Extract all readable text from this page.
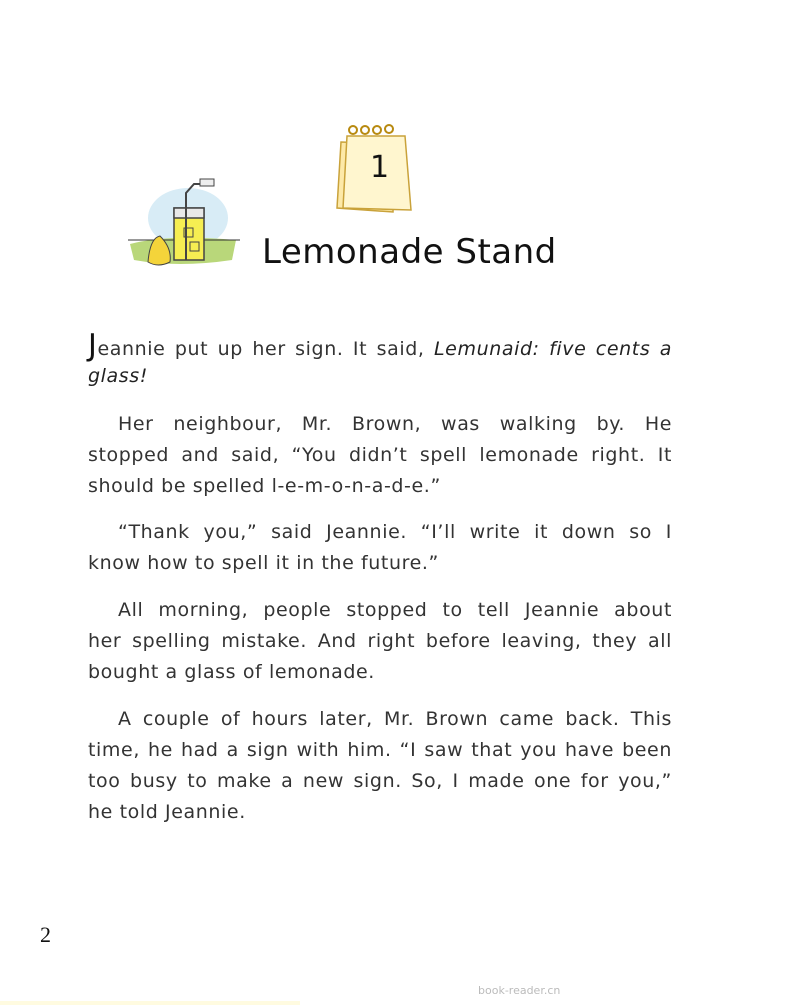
1
Lemonade Stand
Jeannie put up her sign. It said, Lemunaid: five cents a
glass!
Her neighbour, Mr. Brown, was walking by. He
stopped and said, “You didn’t spell lemonade right. It
should be spelled l-e-m-o-n-a-d-e.”
“Thank you,” said Jeannie. “I’ll write it down so I
know how to spell it in the future.”
All morning, people stopped to tell Jeannie about
her spelling mistake. And right before leaving, they all
bought a glass of lemonade.
A couple of hours later, Mr. Brown came back. This
time, he had a sign with him. “I saw that you have been
too busy to make a new sign. So, I made one for you,”
he told Jeannie.
2
book-reader.cn
